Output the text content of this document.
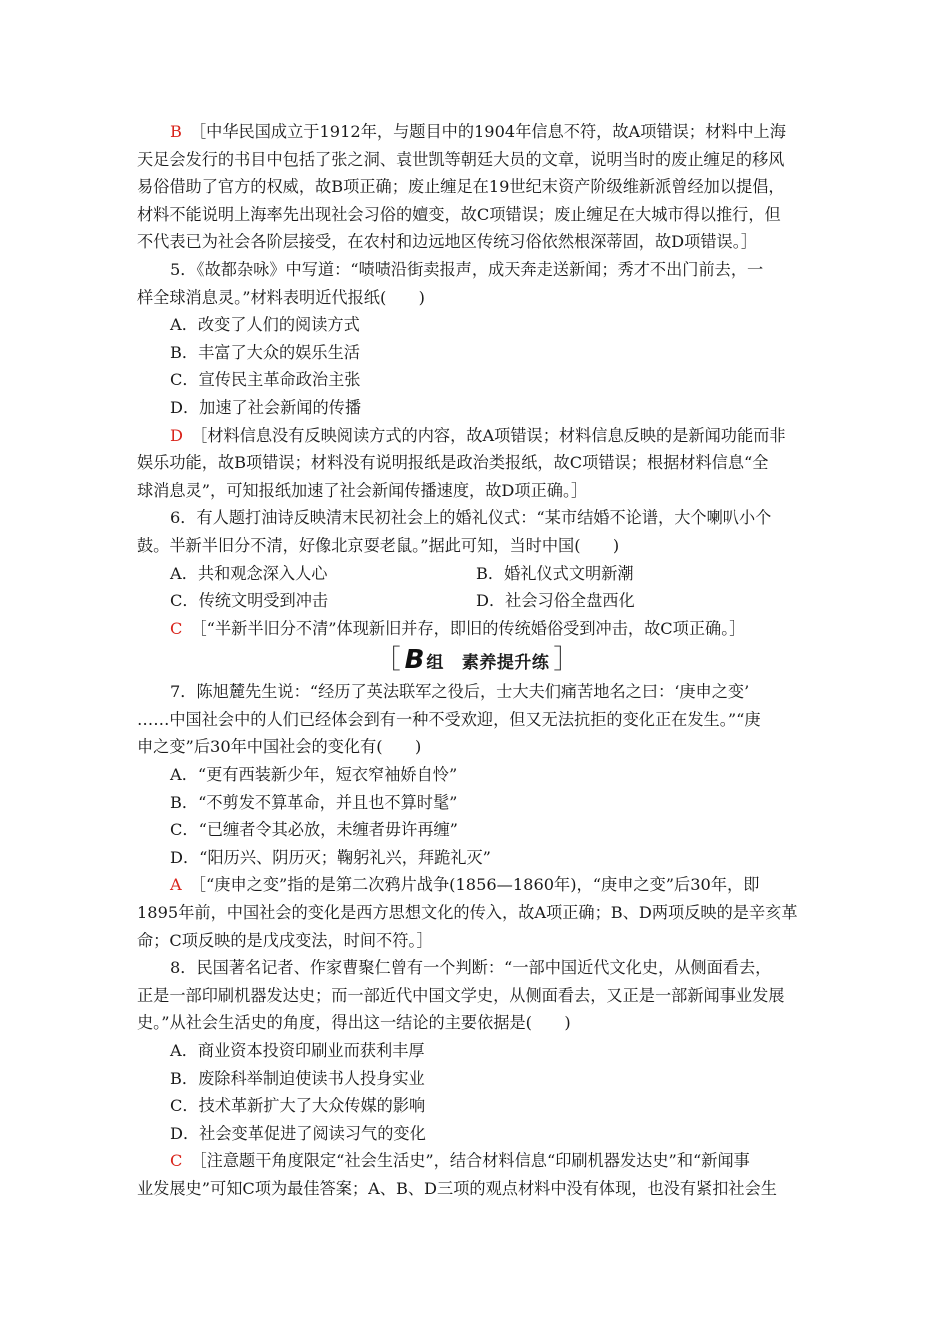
B　 ［中华民国成立于1912年，与题目中的1904年信息不符，故A项错误；材料中上海
天足会发行的书目中包括了张之洞、袁世凯等朝廷大员的文章，说明当时的废止缠足的移风
易俗借助了官方的权威，故B项正确；废止缠足在19世纪末资产阶级维新派曾经加以提倡，
材料不能说明上海率先出现社会习俗的嬗变，故C项错误；废止缠足在大城市得以推行，但
不代表已为社会各阶层接受，在农村和边远地区传统习俗依然根深蒂固，故D项错误。］
5．《故都杂咏》中写道：“啧啧沿街卖报声，成天奔走送新闻；秀才不出门前去，一
样全球消息灵。”材料表明近代报纸(　　)
A．改变了人们的阅读方式
B．丰富了大众的娱乐生活
C．宣传民主革命政治主张
D．加速了社会新闻的传播
D　 ［材料信息没有反映阅读方式的内容，故A项错误；材料信息反映的是新闻功能而非
娱乐功能，故B项错误；材料没有说明报纸是政治类报纸，故C项错误；根据材料信息“全
球消息灵”，可知报纸加速了社会新闻传播速度，故D项正确。］
6．有人题打油诗反映清末民初社会上的婚礼仪式：“某市结婚不论谱，大个喇叭小个
鼓。半新半旧分不清，好像北京耍老鼠。”据此可知，当时中国(　　)
A．共和观念深入人心	B．婚礼仪式文明新潮
C．传统文明受到冲击	D．社会习俗全盘西化
C　 ［“半新半旧分不清”体现新旧并存，即旧的传统婚俗受到冲击，故C项正确。］
［ B 组 素养提升练 ］
7．陈旭麓先生说：“经历了英法联军之役后，士大夫们痛苦地名之曰：‘庚申之变’
……中国社会中的人们已经体会到有一种不受欢迎，但又无法抗拒的变化正在发生。”“庚
申之变”后30年中国社会的变化有(　　)
A．“更有西装新少年，短衣窄袖娇自怜”
B．“不剪发不算革命，并且也不算时髦”
C．“已缠者令其必放，未缠者毋许再缠”
D．“阳历兴、阴历灭；鞠躬礼兴，拜跪礼灭”
A　 ［“庚申之变”指的是第二次鸦片战争(1856—1860年)，“庚申之变”后30年，即
1895年前，中国社会的变化是西方思想文化的传入，故A项正确；B、D两项反映的是辛亥革
命；C项反映的是戊戌变法，时间不符。］
8．民国著名记者、作家曹聚仁曾有一个判断：“一部中国近代文化史，从侧面看去，
正是一部印刷机器发达史；而一部近代中国文学史，从侧面看去，又正是一部新闻事业发展
史。”从社会生活史的角度，得出这一结论的主要依据是(　　)
A．商业资本投资印刷业而获利丰厚
B．废除科举制迫使读书人投身实业
C．技术革新扩大了大众传媒的影响
D．社会变革促进了阅读习气的变化
C　 ［注意题干角度限定“社会生活史”，结合材料信息“印刷机器发达史”和“新闻事
业发展史”可知C项为最佳答案；A、B、D三项的观点材料中没有体现，也没有紧扣社会生
